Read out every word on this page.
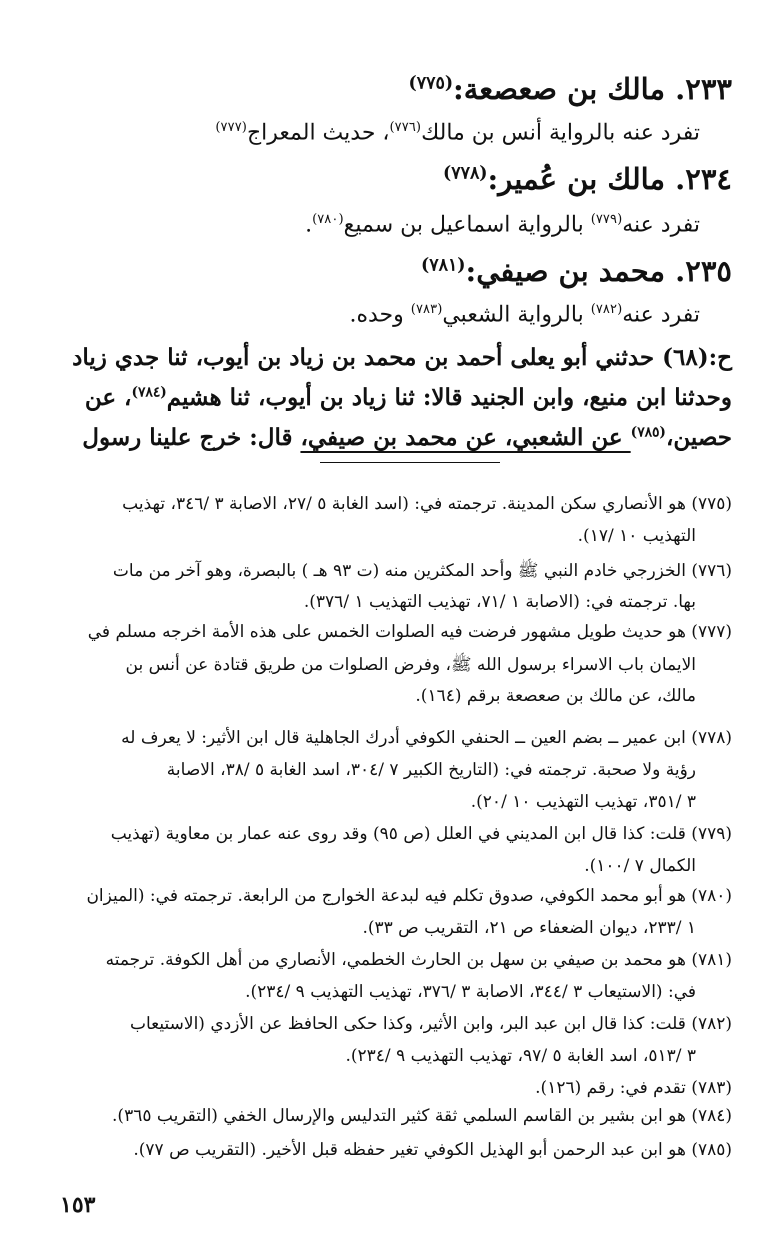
٢٣٣. مالك بن صعصعة:$^{(٧٧٥)}$
تفرد عنه بالرواية أنس بن مالك$^{(٧٧٦)}$، حديث المعراج$^{(٧٧٧)}$
٢٣٤. مالك بن عُمير:$^{(٧٧٨)}$
تفرد عنه$^{(٧٧٩)}$ بالرواية اسماعيل بن سميع$^{(٧٨٠)}$.
٢٣٥. محمد بن صيفي:$^{(٧٨١)}$
تفرد عنه$^{(٧٨٢)}$ بالرواية الشعبي$^{(٧٨٣)}$ وحده.
ح:(٦٨) حدثني أبو يعلى أحمد بن محمد بن زياد بن أيوب، ثنا جدي زياد
وحدثنا ابن منيع، وابن الجنيد قالا: ثنا زياد بن أيوب، ثنا هشيم$^{(٧٨٤)}$، عن
حصين،$^{(٧٨٥)}$ عن الشعبي، عن محمد بن صيفي، قال: خرج علينا رسول
(٧٧٥) هو الأنصاري سكن المدينة. ترجمته في: (اسد الغابة ٥ /٢٧، الاصابة ٣ /٣٤٦، تهذيب
التهذيب ١٠ /١٧).
(٧٧٦) الخزرجي خادم النبي ﷺ وأحد المكثرين منه (ت ٩٣ هـ ) بالبصرة، وهو آخر من مات
بها. ترجمته في: (الاصابة ١ /٧١، تهذيب التهذيب ١ /٣٧٦).
(٧٧٧) هو حديث طويل مشهور فرضت فيه الصلوات الخمس على هذه الأمة اخرجه مسلم في
الايمان باب الاسراء برسول الله ﷺ، وفرض الصلوات من طريق قتادة عن أنس بن
مالك، عن مالك بن صعصعة برقم (١٦٤).
(٧٧٨) ابن عمير ــ بضم العين ــ الحنفي الكوفي أدرك الجاهلية قال ابن الأثير: لا يعرف له
رؤية ولا صحبة. ترجمته في: (التاريخ الكبير ٧ /٣٠٤، اسد الغابة ٥ /٣٨، الاصابة
٣ /٣٥١، تهذيب التهذيب ١٠ /٢٠).
(٧٧٩) قلت: كذا قال ابن المديني في العلل (ص ٩٥) وقد روى عنه عمار بن معاوية (تهذيب
الكمال ٧ /١٠٠).
(٧٨٠) هو أبو محمد الكوفي، صدوق تكلم فيه لبدعة الخوارج من الرابعة. ترجمته في: (الميزان
١ /٢٣٣، ديوان الضعفاء ص ٢١، التقريب ص ٣٣).
(٧٨١) هو محمد بن صيفي بن سهل بن الحارث الخطمي، الأنصاري من أهل الكوفة. ترجمته
في: (الاستيعاب ٣ /٣٤٤، الاصابة ٣ /٣٧٦، تهذيب التهذيب ٩ /٢٣٤).
(٧٨٢) قلت: كذا قال ابن عبد البر، وابن الأثير، وكذا حكى الحافظ عن الأزدي (الاستيعاب
٣ /٥١٣، اسد الغابة ٥ /٩٧، تهذيب التهذيب ٩ /٢٣٤).
(٧٨٣) تقدم في: رقم (١٢٦).
(٧٨٤) هو ابن بشير بن القاسم السلمي ثقة كثير التدليس والإرسال الخفي (التقريب ٣٦٥).
(٧٨٥) هو ابن عبد الرحمن أبو الهذيل الكوفي تغير حفظه قبل الأخير. (التقريب ص ٧٧).
١٥٣
